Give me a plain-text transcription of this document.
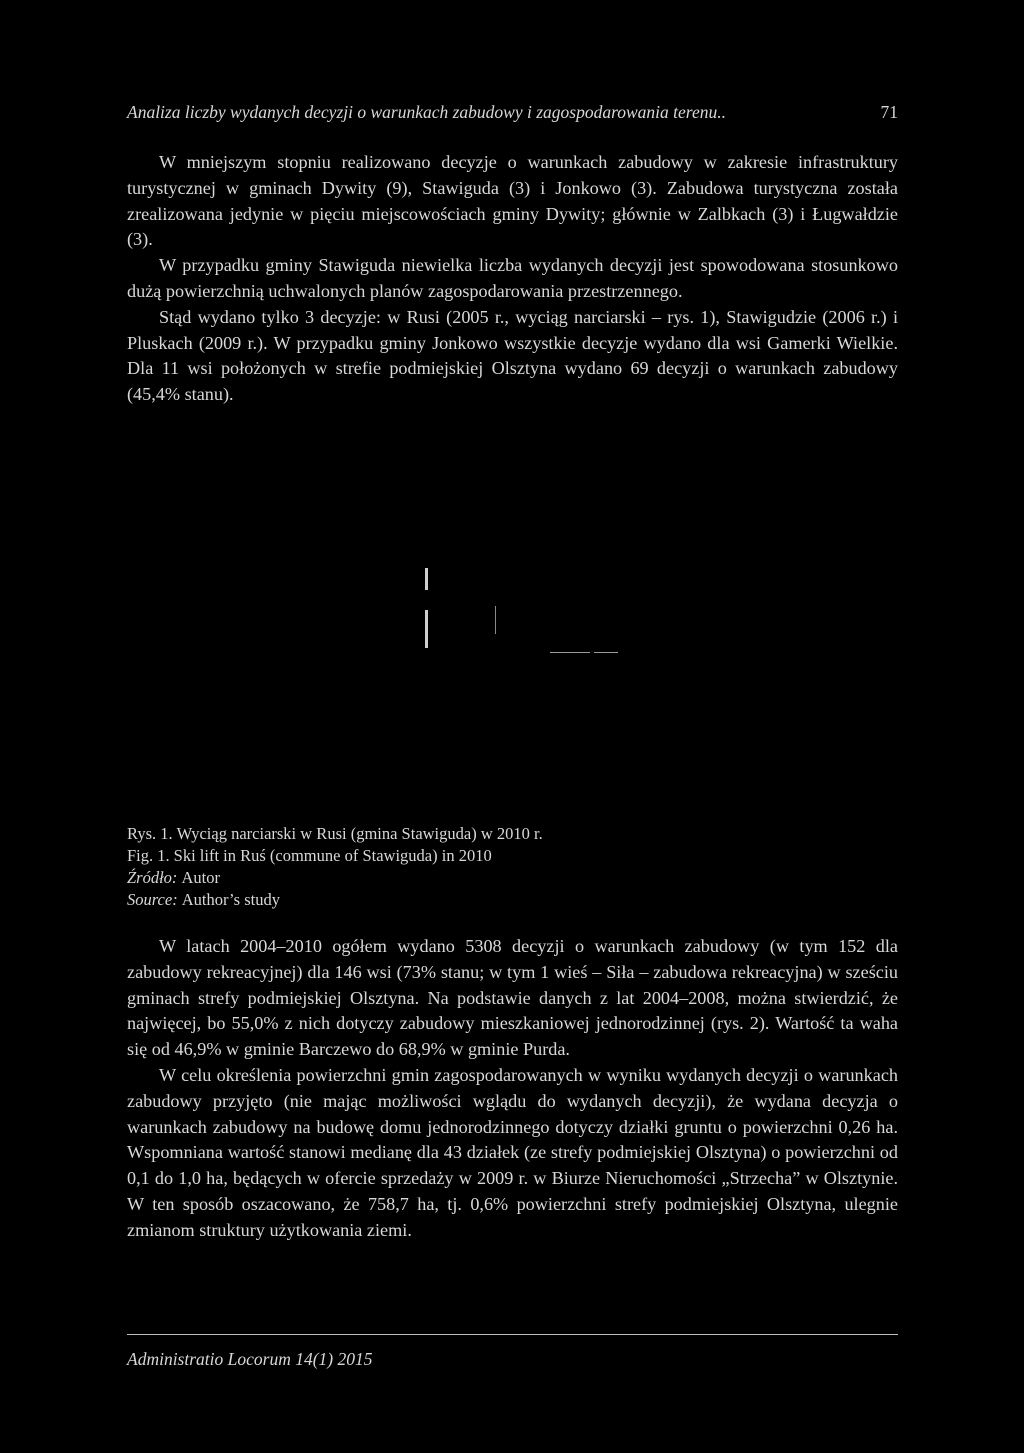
Analiza liczby wydanych decyzji o warunkach zabudowy i zagospodarowania terenu..	71

W mniejszym stopniu realizowano decyzje o warunkach zabudowy w zakresie infrastruktury turystycznej w gminach Dywity (9), Stawiguda (3) i Jonkowo (3). Zabudowa turystyczna została zrealizowana jedynie w pięciu miejscowościach gminy Dywity; głównie w Zalbkach (3) i Ługwałdzie (3).

W przypadku gminy Stawiguda niewielka liczba wydanych decyzji jest spowodowana stosunkowo dużą powierzchnią uchwalonych planów zagospodarowania przestrzennego.

Stąd wydano tylko 3 decyzje: w Rusi (2005 r., wyciąg narciarski – rys. 1), Stawigudzie (2006 r.) i Pluskach (2009 r.). W przypadku gminy Jonkowo wszystkie decyzje wydano dla wsi Gamerki Wielkie. Dla 11 wsi położonych w strefie podmiejskiej Olsztyna wydano 69 decyzji o warunkach zabudowy (45,4% stanu).

Rys. 1. Wyciąg narciarski w Rusi (gmina Stawiguda) w 2010 r.
Fig. 1. Ski lift in Ruś (commune of Stawiguda) in 2010
Źródło: Autor
Source: Author’s study

W latach 2004–2010 ogółem wydano 5308 decyzji o warunkach zabudowy (w tym 152 dla zabudowy rekreacyjnej) dla 146 wsi (73% stanu; w tym 1 wieś – Siła – zabudowa rekreacyjna) w sześciu gminach strefy podmiejskiej Olsztyna. Na podstawie danych z lat 2004–2008, można stwierdzić, że najwięcej, bo 55,0% z nich dotyczy zabudowy mieszkaniowej jednorodzinnej (rys. 2). Wartość ta waha się od 46,9% w gminie Barczewo do 68,9% w gminie Purda.

W celu określenia powierzchni gmin zagospodarowanych w wyniku wydanych decyzji o warunkach zabudowy przyjęto (nie mając możliwości wglądu do wydanych decyzji), że wydana decyzja o warunkach zabudowy na budowę domu jednorodzinnego dotyczy działki gruntu o powierzchni 0,26 ha. Wspomniana wartość stanowi medianę dla 43 działek (ze strefy podmiejskiej Olsztyna) o powierzchni od 0,1 do 1,0 ha, będących w ofercie sprzedaży w 2009 r. w Biurze Nieruchomości „Strzecha” w Olsztynie. W ten sposób oszacowano, że 758,7 ha, tj. 0,6% powierzchni strefy podmiejskiej Olsztyna, ulegnie zmianom struktury użytkowania ziemi.

Administratio Locorum 14(1) 2015
